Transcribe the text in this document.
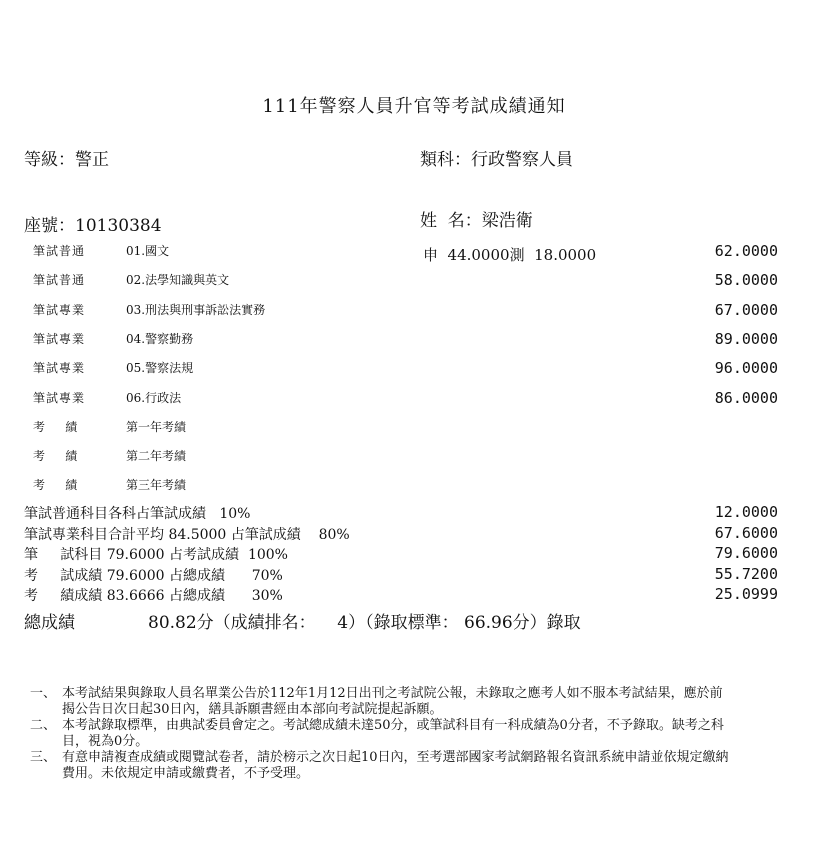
111年警察人員升官等考試成績通知
等級：警正	類科：行政警察人員
座號：10130384	姓  名：梁浩衛
申  44.0000測  18.0000
筆試普通	01.國文	62.0000
筆試普通	02.法學知識與英文	58.0000
筆試專業	03.刑法與刑事訴訟法實務	67.0000
筆試專業	04.警察勤務	89.0000
筆試專業	05.警察法規	96.0000
筆試專業	06.行政法	86.0000
考    績	第一年考績
考    績	第二年考績
考    績	第三年考績
筆試普通科目各科占筆試成績   10%	12.0000
筆試專業科目合計平均 84.5000 占筆試成績    80%	67.6000
筆     試科目 79.6000 占考試成績  100%	79.6000
考     試成績 79.6000 占總成績      70%	55.7200
考     績成績 83.6666 占總成績      30%	25.0999
總成績	80.82分（成績排名：    4）（錄取標準： 66.96分）錄取
一、 本考試結果與錄取人員名單業公告於112年1月12日出刊之考試院公報，未錄取之應考人如不服本考試結果，應於前揭公告日次日起30日內，繕具訴願書經由本部向考試院提起訴願。
二、 本考試錄取標準，由典試委員會定之。考試總成績未達50分，或筆試科目有一科成績為0分者，不予錄取。缺考之科目，視為0分。
三、 有意申請複查成績或閱覽試卷者，請於榜示之次日起10日內，至考選部國家考試網路報名資訊系統申請並依規定繳納費用。未依規定申請或繳費者，不予受理。
